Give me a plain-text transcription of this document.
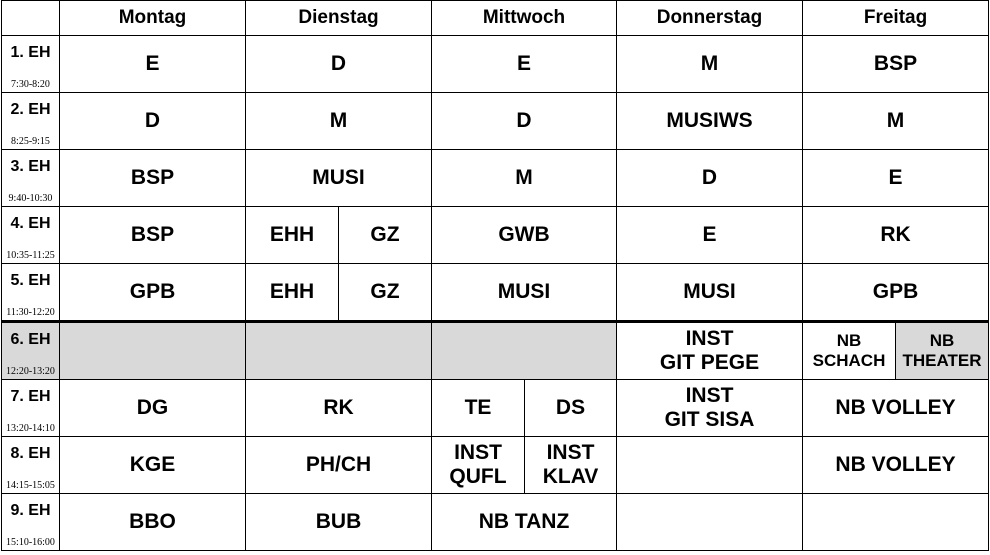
	Montag	Dienstag		Mittwoch		Donnerstag	Freitag	

1. EH
7:30-8:20	E	D		E		M	BSP	

2. EH
8:25-9:15	D	M		D		MUSIWS	M	

3. EH
9:40-10:30	BSP	MUSI		M		D	E	

4. EH
10:35-11:25	BSP	EHH	GZ	GWB		E	RK	

5. EH
11:30-12:20	GPB	EHH	GZ	MUSI		MUSI	GPB	

6. EH
12:20-13:20						INST
GIT PEGE	NB
SCHACH	NB
THEATER

7. EH
13:20-14:10	DG	RK		TE	DS	INST
GIT SISA	NB VOLLEY	

8. EH
14:15-15:05	KGE	PH/CH		INST
QUFL	INST
KLAV		NB VOLLEY	

9. EH
15:10-16:00	BBO	BUB		NB TANZ				
